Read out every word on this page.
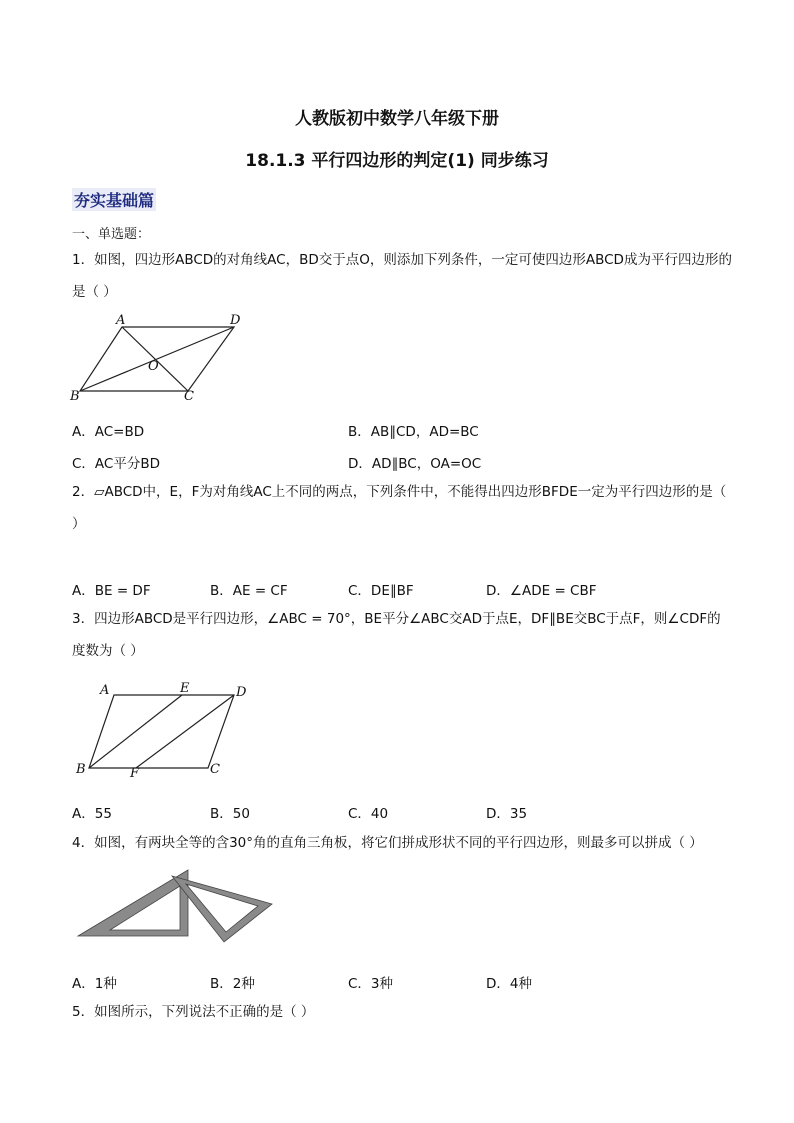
人教版初中数学八年级下册
18.1.3 平行四边形的判定(1) 同步练习
夯实基础篇
一、单选题：
1．如图，四边形ABCD的对角线AC，BD交于点O，则添加下列条件，一定可使四边形ABCD成为平行四边形的是（ ）
A	D
O
B	C
A．AC=BD	B．AB∥CD，AD=BC
C．AC平分BD	D．AD∥BC，OA=OC
2．▱ABCD中，E，F为对角线AC上不同的两点，下列条件中，不能得出四边形BFDE一定为平行四边形的是（ ）
A．BE = DF	B．AE = CF	C．DE∥BF	D．∠ADE = CBF
3．四边形ABCD是平行四边形，∠ABC = 70°，BE平分∠ABC交AD于点E，DF∥BE交BC于点F，则∠CDF的度数为（ ）
A	E	D
B	F	C
A．55	B．50	C．40	D．35
4．如图，有两块全等的含30°角的直角三角板，将它们拼成形状不同的平行四边形，则最多可以拼成（ ）
A．1种	B．2种	C．3种	D．4种
5．如图所示，下列说法不正确的是（ ）
